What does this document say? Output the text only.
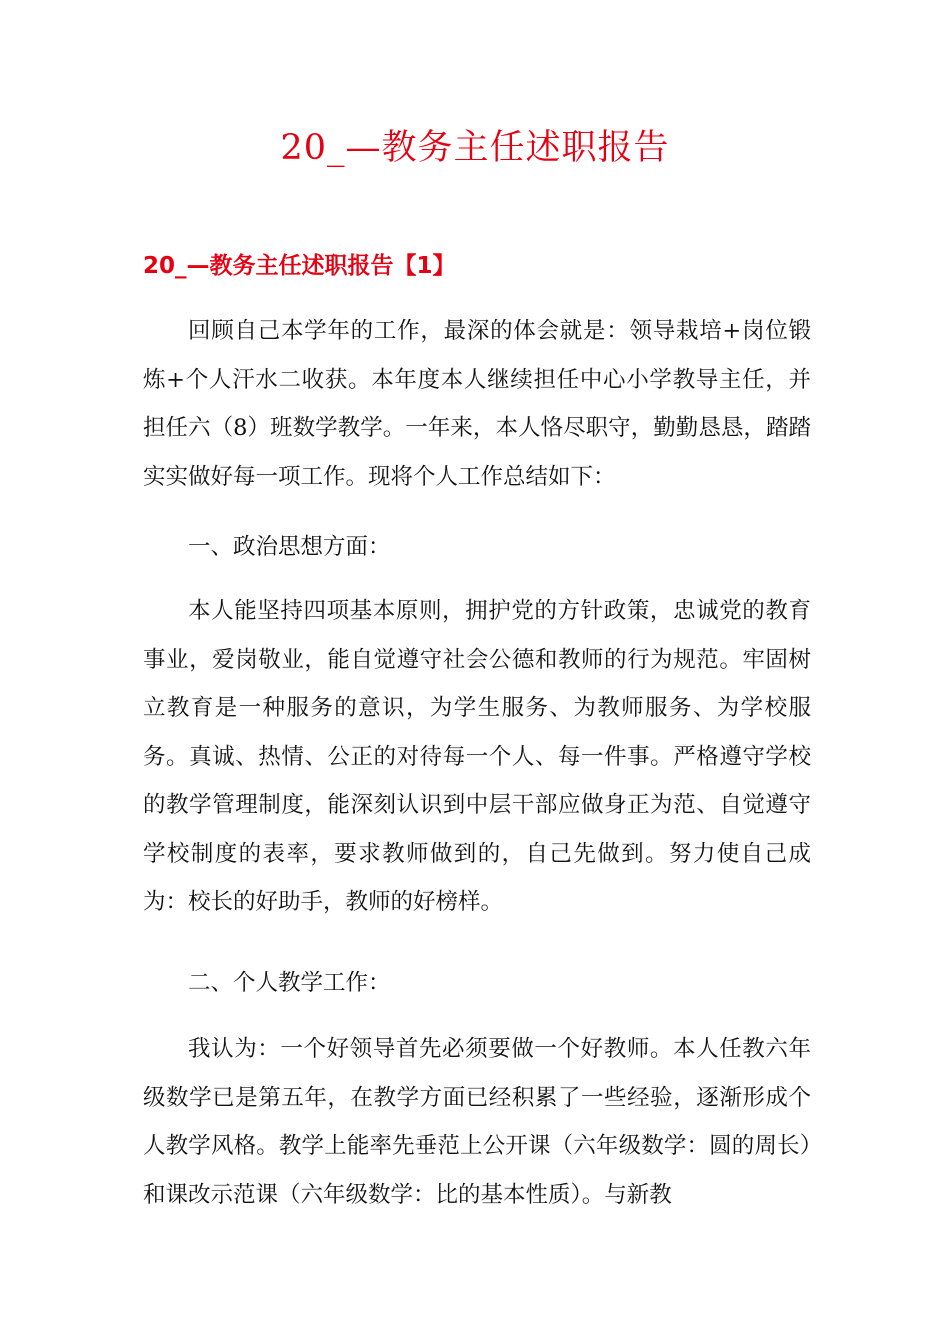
20_—教务主任述职报告
20_—教务主任述职报告【1】

回顾自己本学年的工作，最深的体会就是：领导栽培+岗位锻炼+个人汗水二收获。本年度本人继续担任中心小学教导主任，并担任六（8）班数学教学。一年来，本人恪尽职守，勤勤恳恳，踏踏实实做好每一项工作。现将个人工作总结如下：

一、政治思想方面：

本人能坚持四项基本原则，拥护党的方针政策，忠诚党的教育事业，爱岗敬业，能自觉遵守社会公德和教师的行为规范。牢固树立教育是一种服务的意识，为学生服务、为教师服务、为学校服务。真诚、热情、公正的对待每一个人、每一件事。严格遵守学校的教学管理制度，能深刻认识到中层干部应做身正为范、自觉遵守学校制度的表率，要求教师做到的，自己先做到。努力使自己成为：校长的好助手，教师的好榜样。

二、个人教学工作：

我认为：一个好领导首先必须要做一个好教师。本人任教六年级数学已是第五年，在教学方面已经积累了一些经验，逐渐形成个人教学风格。教学上能率先垂范上公开课（六年级数学：圆的周长）和课改示范课（六年级数学：比的基本性质）。与新教
